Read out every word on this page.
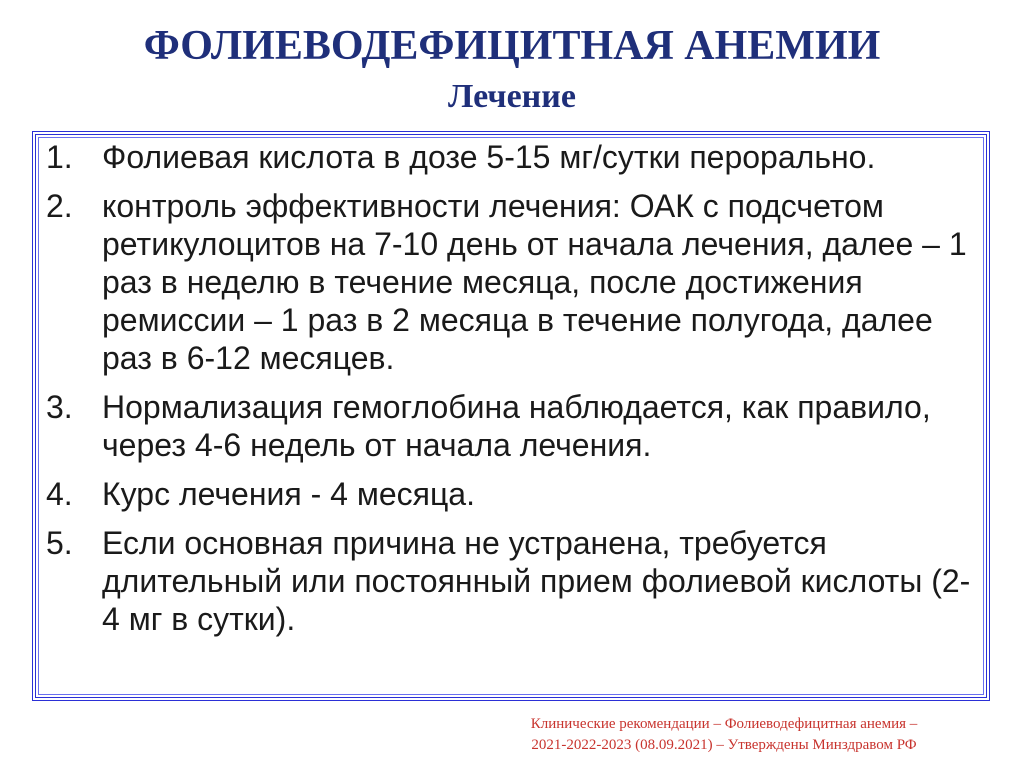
ФОЛИЕВОДЕФИЦИТНАЯ АНЕМИИ
Лечение
1. Фолиевая кислота в дозе 5-15 мг/сутки перорально.
2. контроль эффективности лечения: ОАК с подсчетом ретикулоцитов на 7-10 день от начала лечения, далее – 1 раз в неделю в течение месяца, после достижения ремиссии – 1 раз в 2 месяца в течение полугода, далее раз в 6-12 месяцев.
3. Нормализация гемоглобина наблюдается, как правило, через 4-6 недель от начала лечения.
4. Курс лечения - 4 месяца.
5. Если основная причина не устранена, требуется длительный или постоянный прием фолиевой кислоты (2-4 мг в сутки).
Клинические рекомендации – Фолиеводефицитная анемия –
2021-2022-2023 (08.09.2021) – Утверждены Минздравом РФ
